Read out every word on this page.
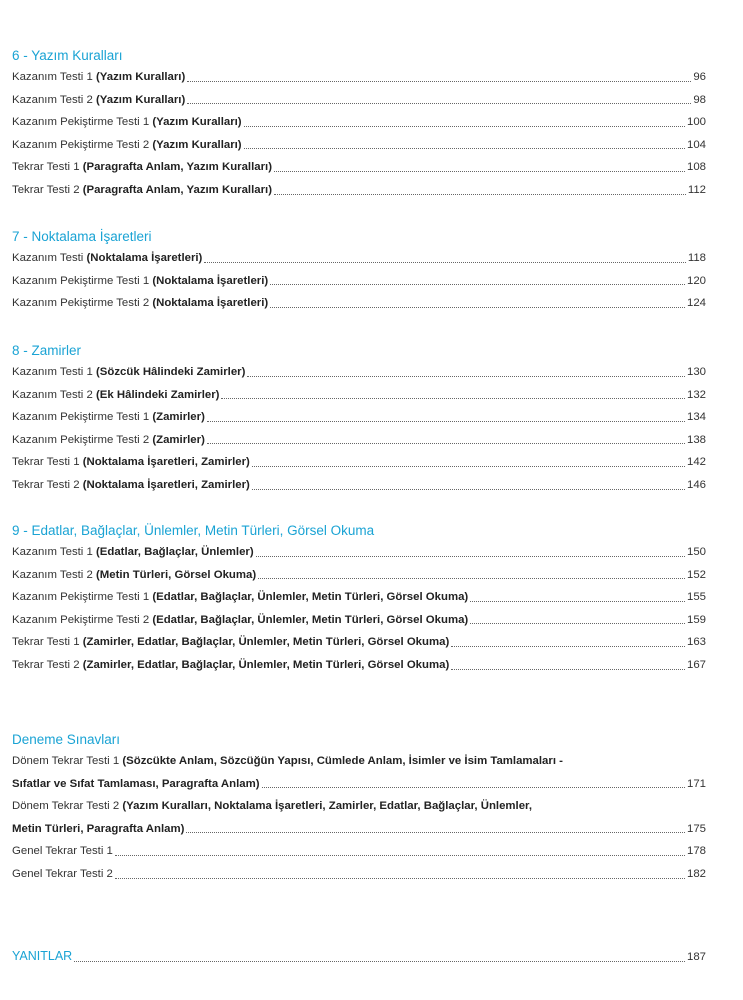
6 - Yazım Kuralları
Kazanım Testi 1 (Yazım Kuralları)	96
Kazanım Testi 2 (Yazım Kuralları)	98
Kazanım Pekiştirme Testi 1 (Yazım Kuralları)	100
Kazanım Pekiştirme Testi 2 (Yazım Kuralları)	104
Tekrar Testi 1 (Paragrafta Anlam, Yazım Kuralları)	108
Tekrar Testi 2 (Paragrafta Anlam, Yazım Kuralları)	112
7 - Noktalama İşaretleri
Kazanım Testi (Noktalama İşaretleri)	118
Kazanım Pekiştirme Testi 1 (Noktalama İşaretleri)	120
Kazanım Pekiştirme Testi 2 (Noktalama İşaretleri)	124
8 - Zamirler
Kazanım Testi 1 (Sözcük Hâlindeki Zamirler)	130
Kazanım Testi 2 (Ek Hâlindeki Zamirler)	132
Kazanım Pekiştirme Testi 1 (Zamirler)	134
Kazanım Pekiştirme Testi 2 (Zamirler)	138
Tekrar Testi 1 (Noktalama İşaretleri, Zamirler)	142
Tekrar Testi 2 (Noktalama İşaretleri, Zamirler)	146
9 - Edatlar, Bağlaçlar, Ünlemler, Metin Türleri, Görsel Okuma
Kazanım Testi 1 (Edatlar, Bağlaçlar, Ünlemler)	150
Kazanım Testi 2 (Metin Türleri, Görsel Okuma)	152
Kazanım Pekiştirme Testi 1 (Edatlar, Bağlaçlar, Ünlemler, Metin Türleri, Görsel Okuma)	155
Kazanım Pekiştirme Testi 2 (Edatlar, Bağlaçlar, Ünlemler, Metin Türleri, Görsel Okuma)	159
Tekrar Testi 1 (Zamirler, Edatlar, Bağlaçlar, Ünlemler, Metin Türleri, Görsel Okuma)	163
Tekrar Testi 2 (Zamirler, Edatlar, Bağlaçlar, Ünlemler, Metin Türleri, Görsel Okuma)	167
Deneme Sınavları
Dönem Tekrar Testi 1 (Sözcükte Anlam, Sözcüğün Yapısı, Cümlede Anlam, İsimler ve İsim Tamlamaları -
Sıfatlar ve Sıfat Tamlaması, Paragrafta Anlam)	171
Dönem Tekrar Testi 2 (Yazım Kuralları, Noktalama İşaretleri, Zamirler, Edatlar, Bağlaçlar, Ünlemler,
Metin Türleri, Paragrafta Anlam)	175
Genel Tekrar Testi 1	178
Genel Tekrar Testi 2	182
YANITLAR	187
